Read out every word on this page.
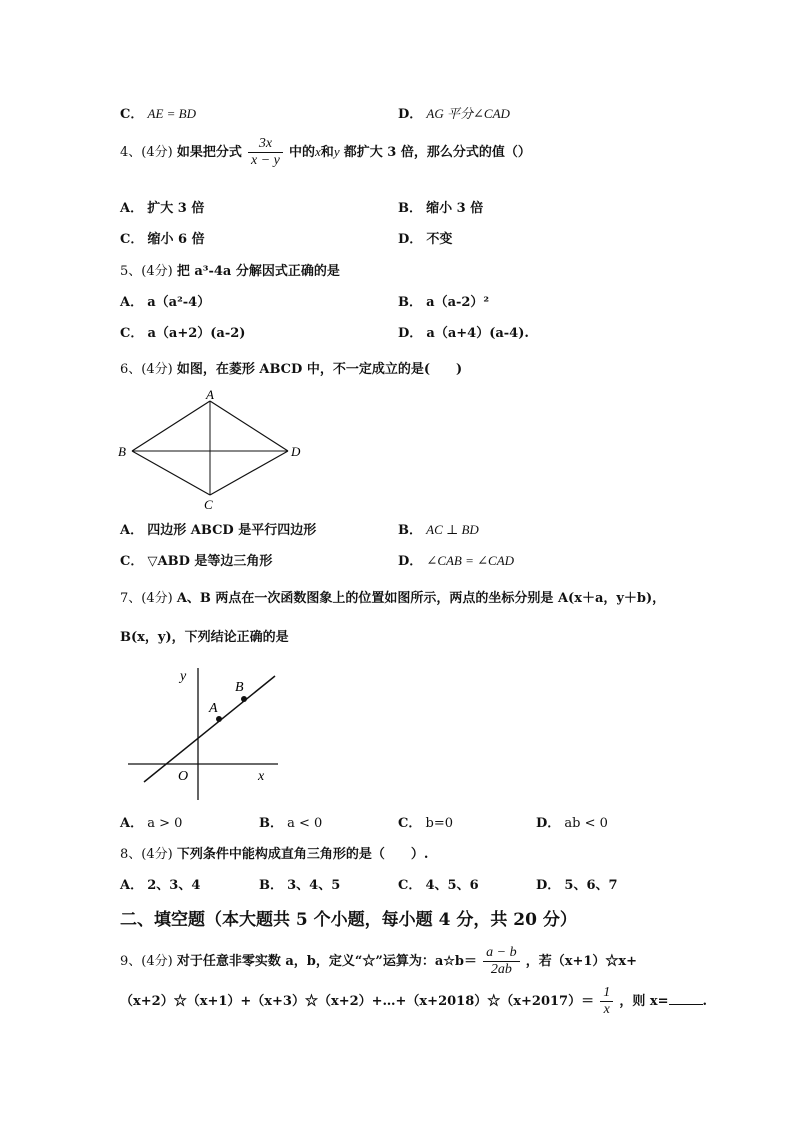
C． AE = BD	D． AG 平分∠CAD
4、(4分) 如果把分式 $\frac{3x}{x - y}$ 中的x和y 都扩大 3 倍，那么分式的值（）
A． 扩大 3 倍	B． 缩小 3 倍
C． 缩小 6 倍	D． 不变
5、(4分) 把 a³-4a 分解因式正确的是
A． a（a²-4）	B． a（a-2）²
C． a（a+2）(a-2)	D． a（a+4）(a-4).
6、(4分) 如图，在菱形 ABCD 中，不一定成立的是(　　)
A
B
C
D
A． 四边形 ABCD 是平行四边形	B． AC ⊥ BD
C． ▽ABD 是等边三角形	D． ∠CAB = ∠CAD
7、(4分) A、B 两点在一次函数图象上的位置如图所示，两点的坐标分别是 A(x＋a，y＋b)，
B(x，y)，下列结论正确的是
y
x
O
A
B
A． a > 0	B． a < 0	C． b=0	D． ab < 0
8、(4分) 下列条件中能构成直角三角形的是（　　）.
A． 2、3、4	B． 3、4、5	C． 4、5、6	D． 5、6、7
二、填空题（本大题共 5 个小题，每小题 4 分，共 20 分）
9、(4分) 对于任意非零实数 a，b，定义“☆”运算为：a☆b＝ $\frac{a - b}{2ab}$ ，若（x+1）☆x+
（x+2）☆（x+1）+（x+3）☆（x+2）+…+（x+2018）☆（x+2017）＝ $\frac{1}{x}$ ，则 x=	.
